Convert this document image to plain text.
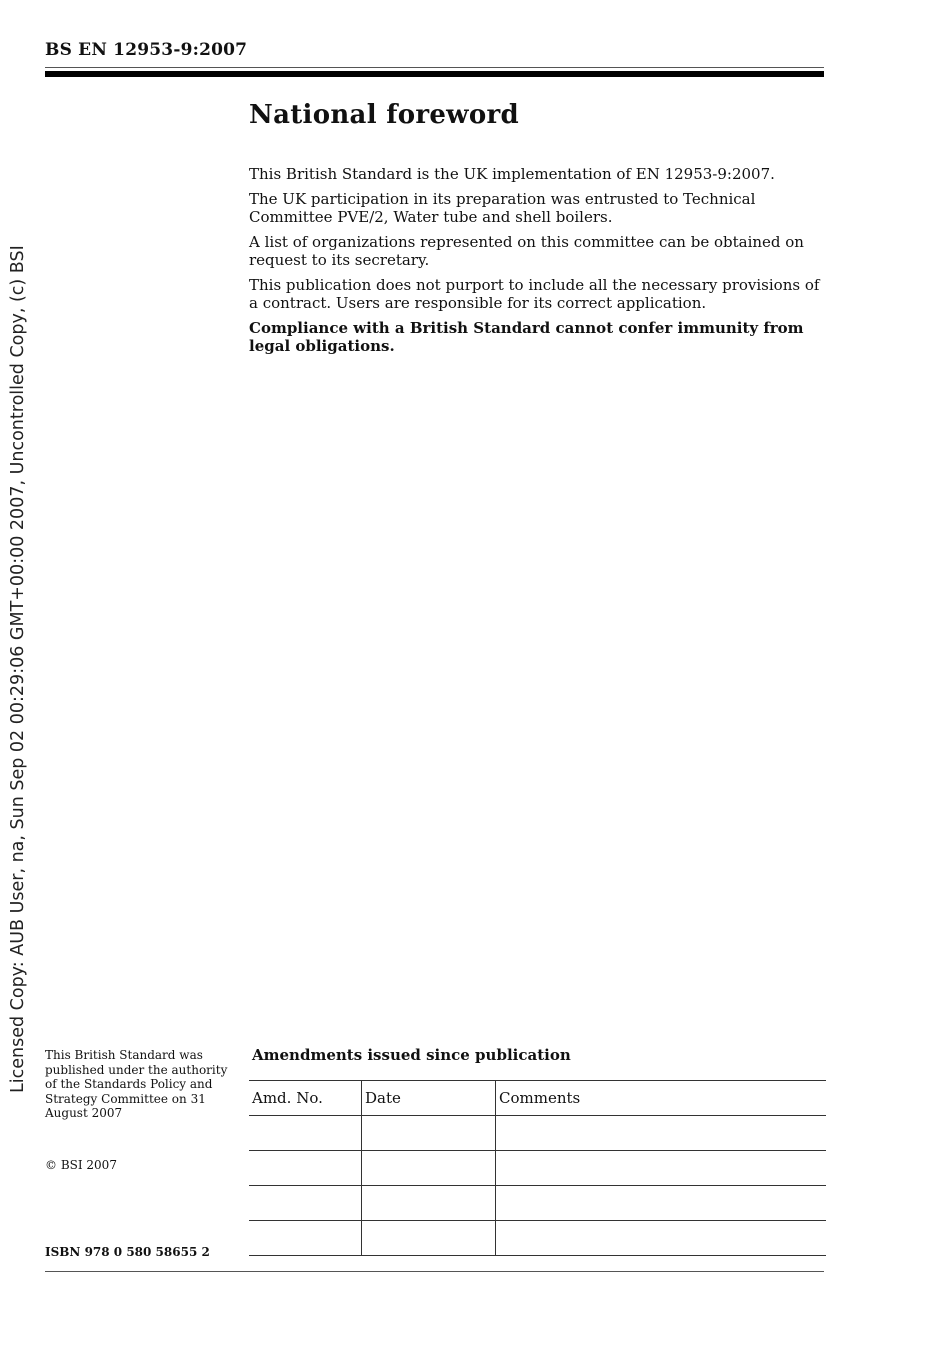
BS EN 12953-9:2007
Licensed Copy: AUB User, na, Sun Sep 02 00:29:06 GMT+00:00 2007, Uncontrolled Copy, (c) BSI
National foreword

This British Standard is the UK implementation of EN 12953-9:2007.

The UK participation in its preparation was entrusted to Technical Committee PVE/2, Water tube and shell boilers.

A list of organizations represented on this committee can be obtained on request to its secretary.

This publication does not purport to include all the necessary provisions of a contract. Users are responsible for its correct application.

Compliance with a British Standard cannot confer immunity from legal obligations.

This British Standard was published under the authority of the Standards Policy and Strategy Committee on 31 August 2007
© BSI 2007
ISBN 978 0 580 58655 2
Amendments issued since publication
Amd. No.	Date	Comments
